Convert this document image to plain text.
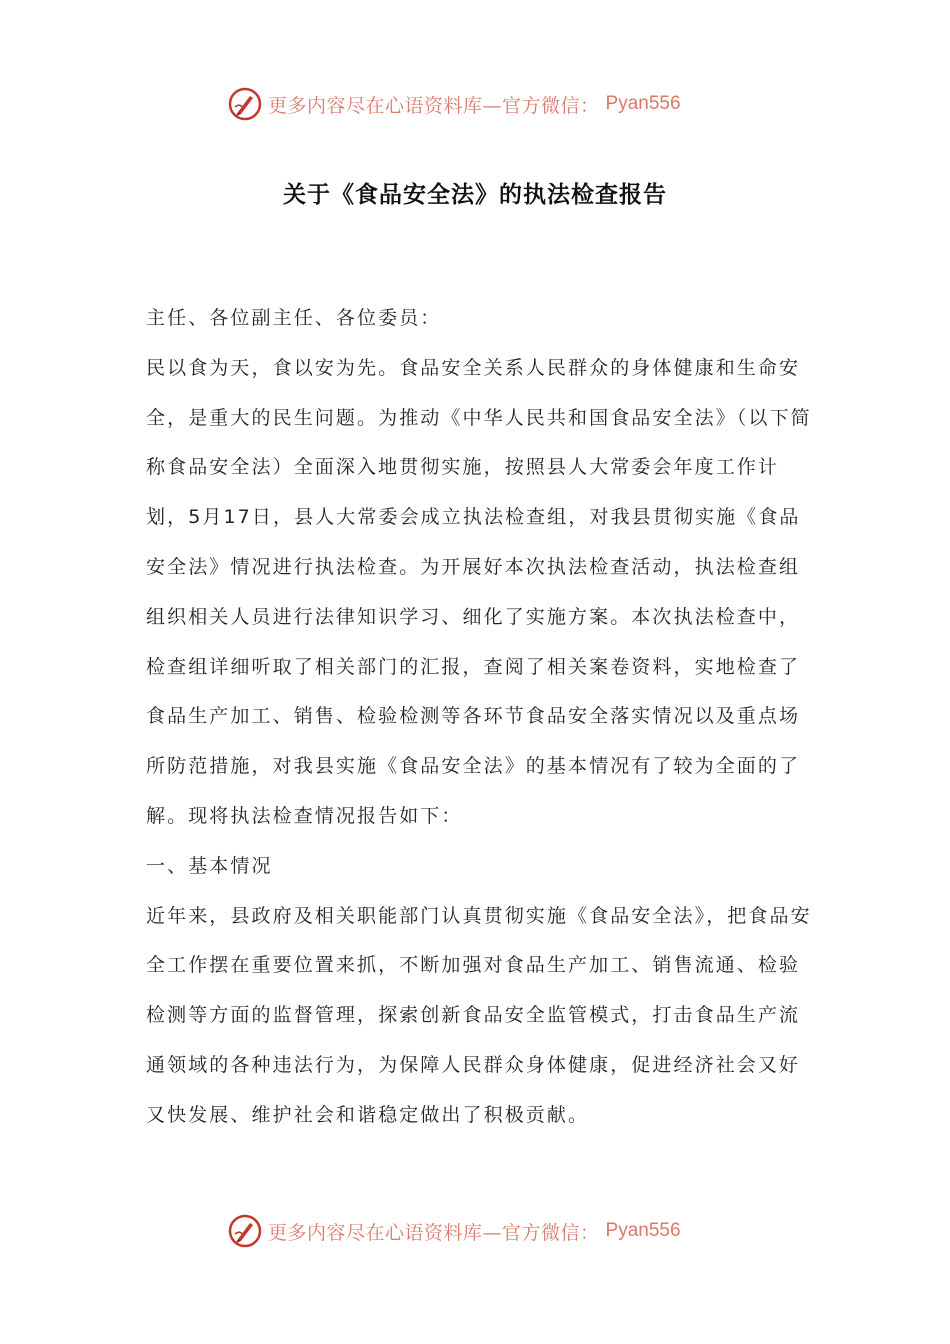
更多内容尽在心语资料库—官方微信： Pyan556
关于《食品安全法》的执法检查报告

主任、各位副主任、各位委员：

民以食为天，食以安为先。食品安全关系人民群众的身体健康和生命安全，是重大的民生问题。为推动《中华人民共和国食品安全法》（以下简称食品安全法）全面深入地贯彻实施，按照县人大常委会年度工作计划，5月17日，县人大常委会成立执法检查组，对我县贯彻实施《食品安全法》情况进行执法检查。为开展好本次执法检查活动，执法检查组组织相关人员进行法律知识学习、细化了实施方案。本次执法检查中，检查组详细听取了相关部门的汇报，查阅了相关案卷资料，实地检查了食品生产加工、销售、检验检测等各环节食品安全落实情况以及重点场所防范措施，对我县实施《食品安全法》的基本情况有了较为全面的了解。现将执法检查情况报告如下：

一、基本情况

近年来，县政府及相关职能部门认真贯彻实施《食品安全法》，把食品安全工作摆在重要位置来抓，不断加强对食品生产加工、销售流通、检验检测等方面的监督管理，探索创新食品安全监管模式，打击食品生产流通领域的各种违法行为，为保障人民群众身体健康，促进经济社会又好又快发展、维护社会和谐稳定做出了积极贡献。

更多内容尽在心语资料库—官方微信： Pyan556
